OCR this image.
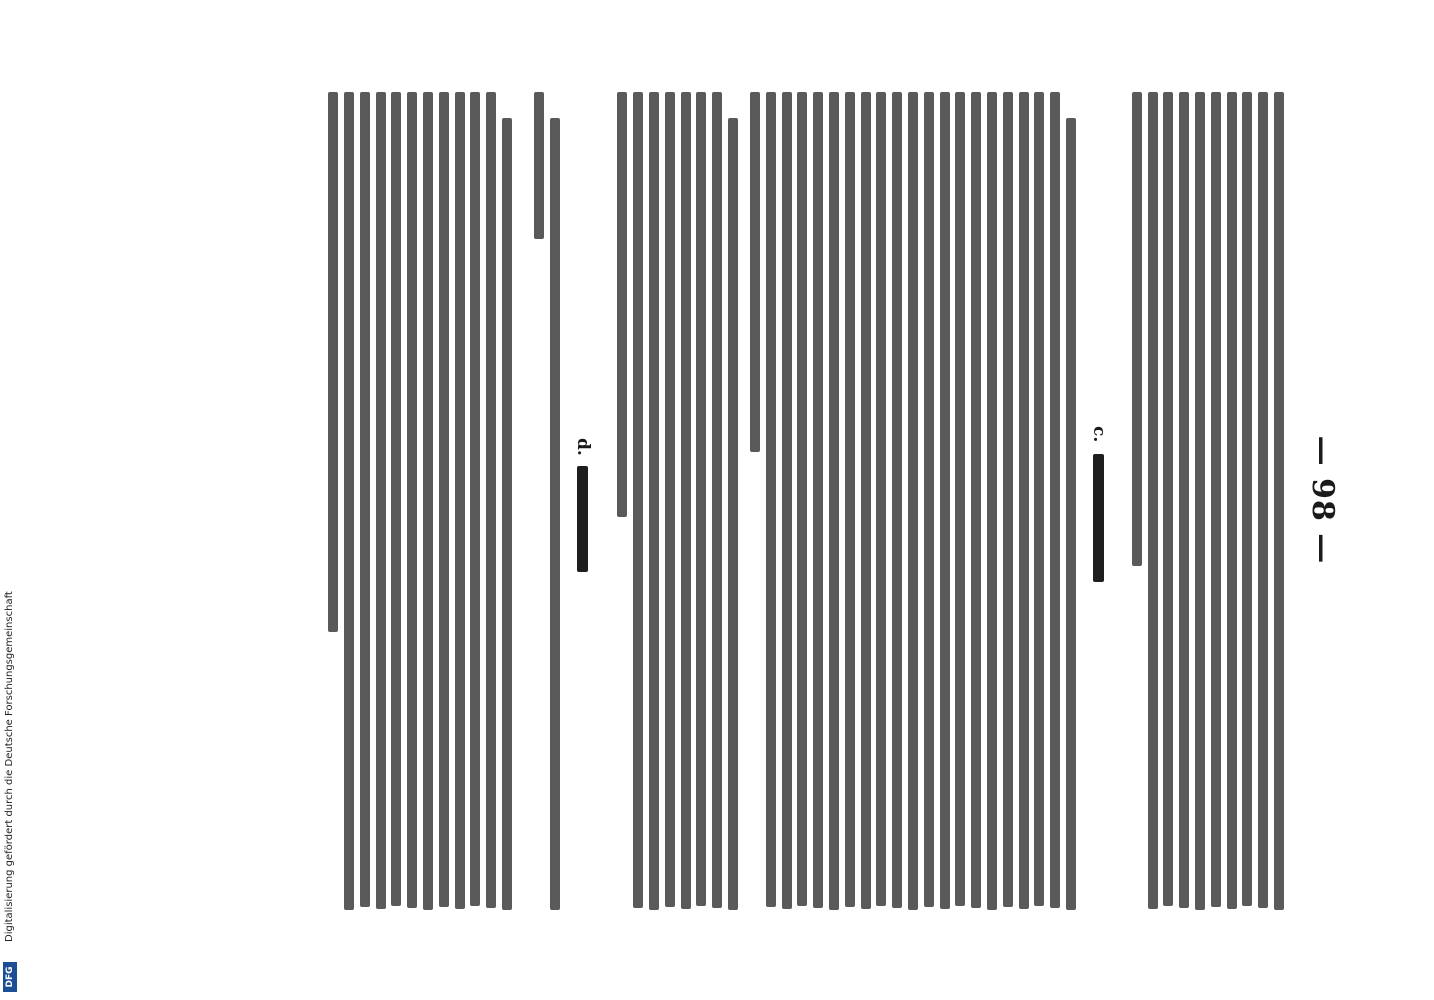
— 98 —
c.
d.
Digitalisierung gefördert durch die Deutsche Forschungsgemeinschaft
DFG
